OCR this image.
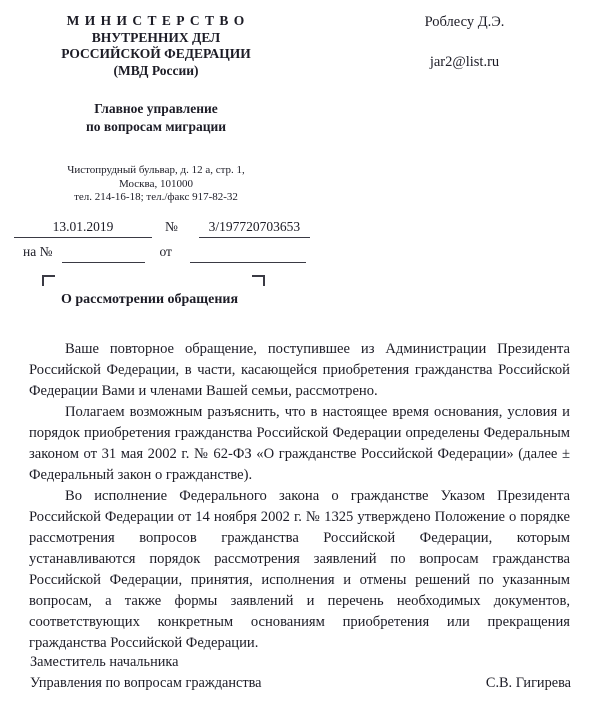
М И Н И С Т Е Р С Т В О
ВНУТРЕННИХ ДЕЛ
РОССИЙСКОЙ ФЕДЕРАЦИИ
(МВД России)
Главное управление
по вопросам миграции
Чистопрудный бульвар, д. 12 а, стр. 1,
Москва, 101000
тел. 214-16-18; тел./факс 917-82-32
Роблесу Д.Э.
jar2@list.ru
13.01.2019	№	3/197720703653
на №	от
О рассмотрении обращения

Ваше повторное обращение, поступившее из Администрации Президента Российской Федерации, в части, касающейся приобретения гражданства Российской Федерации Вами и членами Вашей семьи, рассмотрено.

Полагаем возможным разъяснить, что в настоящее время основания, условия и порядок приобретения гражданства Российской Федерации определены Федеральным законом от 31 мая 2002 г. № 62-ФЗ «О гражданстве Российской Федерации» (далее ± Федеральный закон о гражданстве).

Во исполнение Федерального закона о гражданстве Указом Президента Российской Федерации от 14 ноября 2002 г. № 1325 утверждено Положение о порядке рассмотрения вопросов гражданства Российской Федерации, которым устанавливаются порядок рассмотрения заявлений по вопросам гражданства Российской Федерации, принятия, исполнения и отмены решений по указанным вопросам, а также формы заявлений и перечень необходимых документов, соответствующих конкретным основаниям приобретения или прекращения гражданства Российской Федерации.

Заместитель начальника
Управления по вопросам гражданства	С.В. Гигирева
